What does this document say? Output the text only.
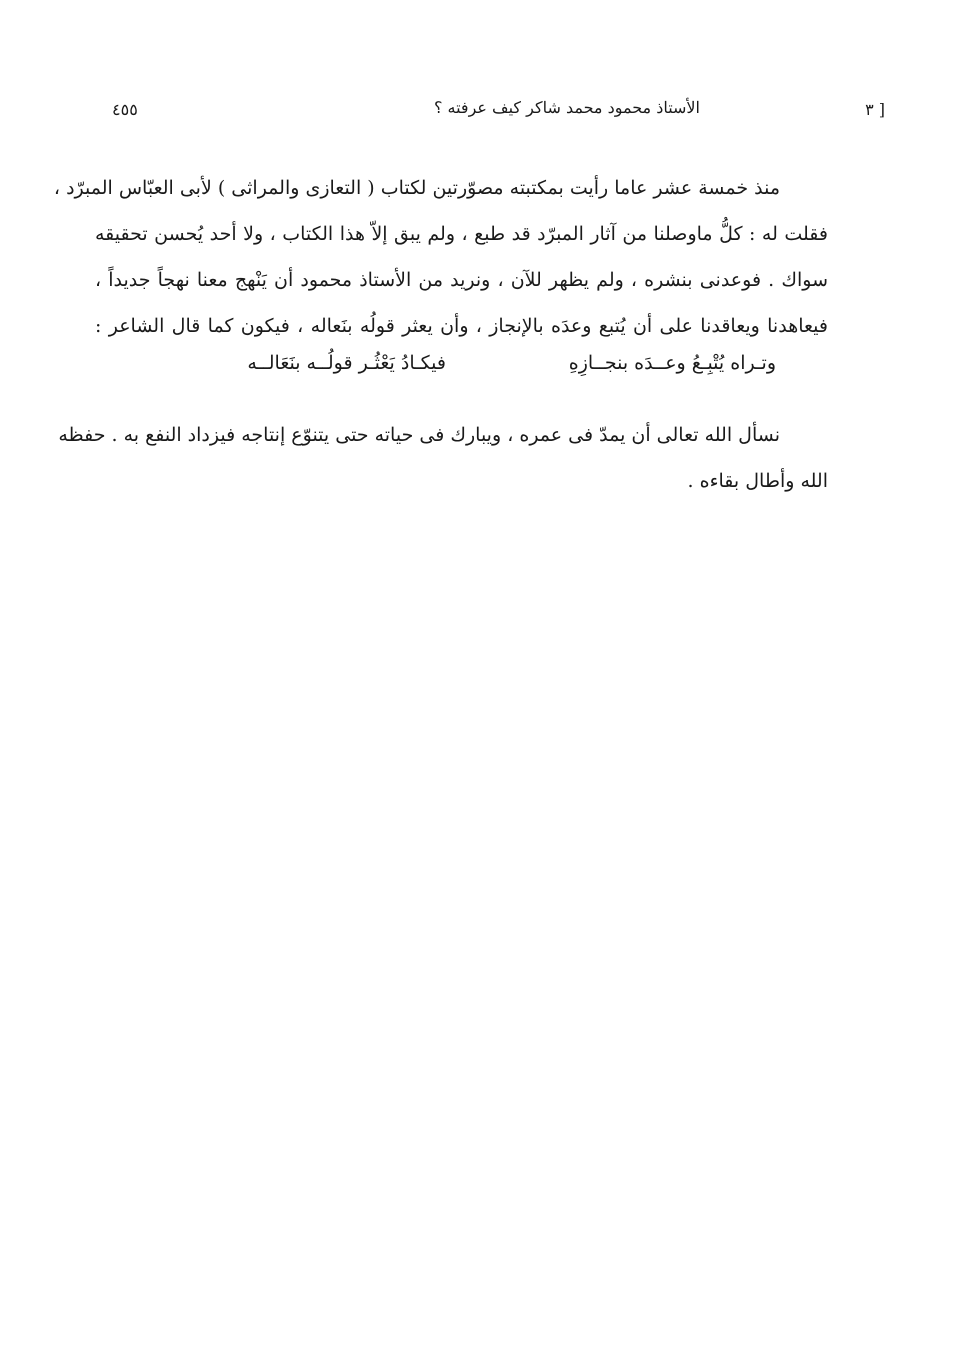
[ ٣
الأستاذ محمود محمد شاكر كيف عرفته ؟
٤٥٥
منذ خمسة عشر عاما رأيت بمكتبته مصوّرتين لكتاب ( التعازى والمراثى ) لأبى العبّاس المبرّد ،
فقلت له : كلُّ ماوصلنا من آثار المبرّد قد طبع ، ولم يبق إلاّ هذا الكتاب ، ولا أحد يُحسن تحقيقه
سواك . فوعدنى بنشره ، ولم يظهر للآن ، ونريد من الأستاذ محمود أن يَنْهج معنا نهجاً جديداً ،
فيعاهدنا ويعاقدنا على أن يُتبع وعدَه بالإنجاز ، وأن يعثر قولُه بنَعاله ، فيكون كما قال الشاعر :
وتـراه يُتْبِـعُ وعــدَه بنجــازِهِ
فيكـادُ يَعْثُـر قولُــه بنَعَالــه
نسأل الله تعالى أن يمدّ فى عمره ، ويبارك فى حياته حتى يتنوّع إنتاجه فيزداد النفع به . حفظه
الله وأطال بقاءه .
